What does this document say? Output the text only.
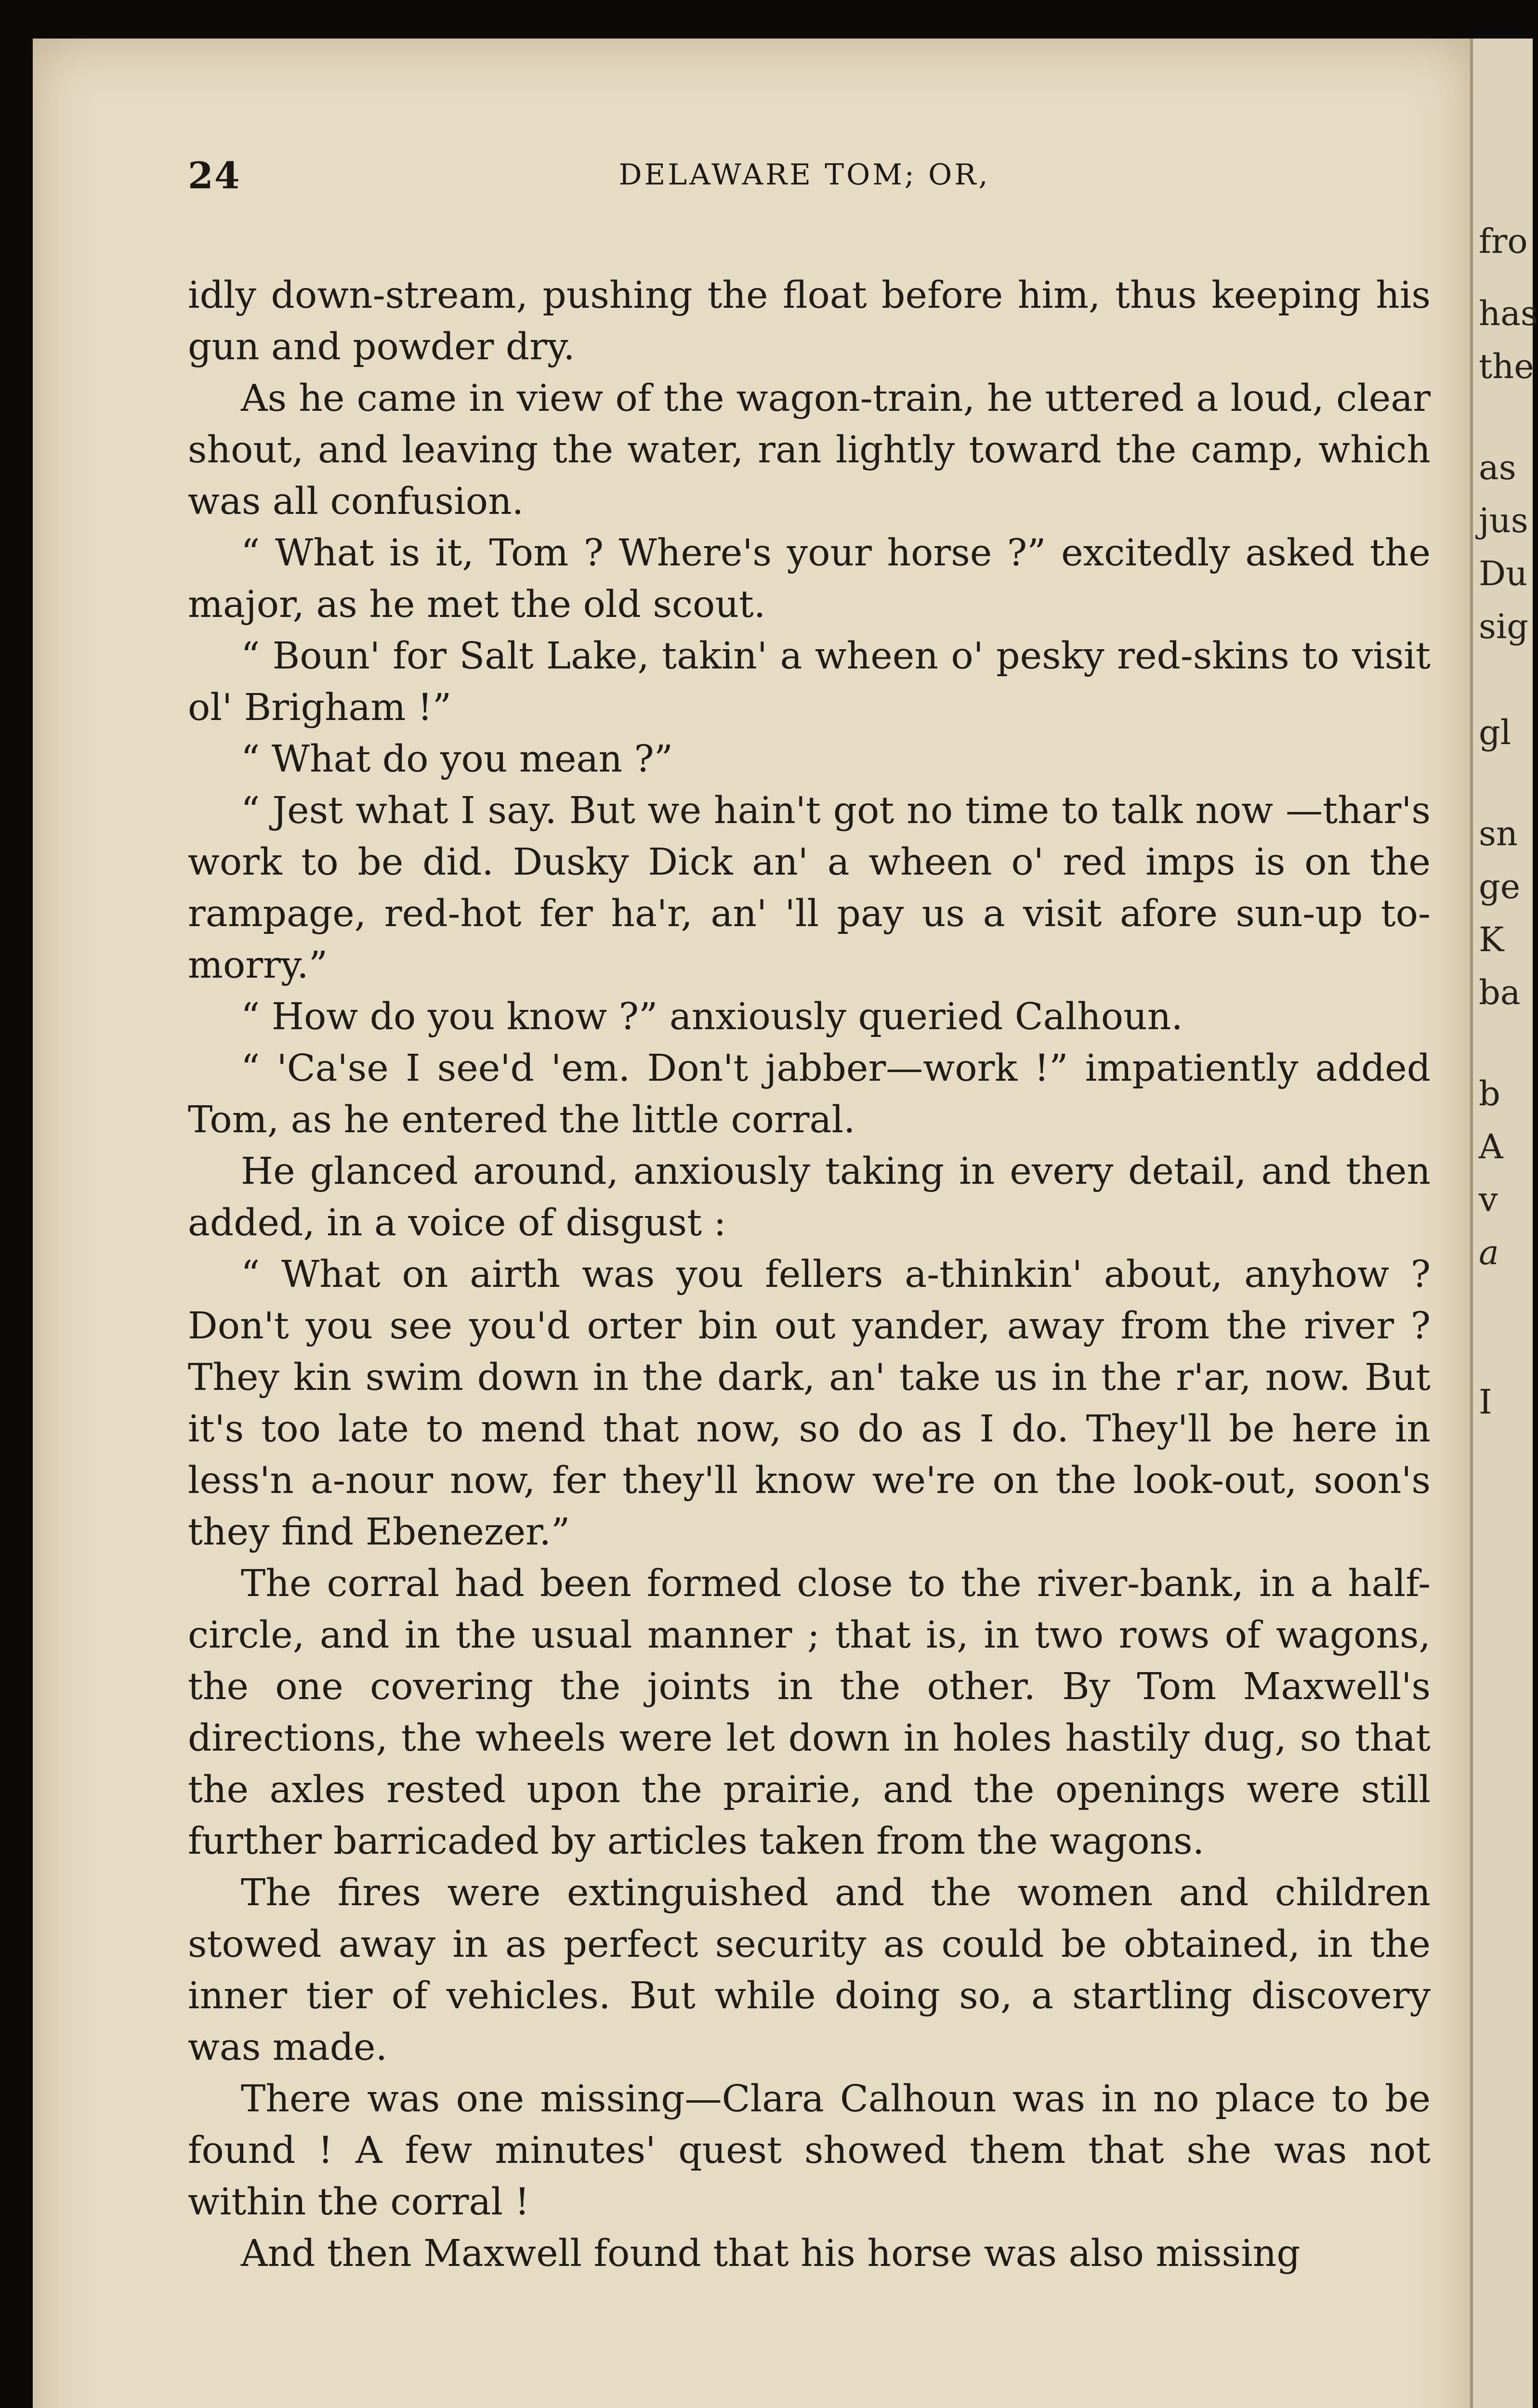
24	DELAWARE TOM; OR,

idly down-stream, pushing the float before him, thus keeping his gun and powder dry.

As he came in view of the wagon-train, he uttered a loud, clear shout, and leaving the water, ran lightly toward the camp, which was all confusion.

“ What is it, Tom ? Where's your horse ?” excitedly asked the major, as he met the old scout.

“ Boun' for Salt Lake, takin' a wheen o' pesky red-skins to visit ol' Brigham !”

“ What do you mean ?”

“ Jest what I say. But we hain't got no time to talk now —thar's work to be did. Dusky Dick an' a wheen o' red imps is on the rampage, red-hot fer ha'r, an' 'll pay us a visit afore sun-up to-morry.”

“ How do you know ?” anxiously queried Calhoun.

“ 'Ca'se I see'd 'em. Don't jabber—work !” impatiently added Tom, as he entered the little corral.

He glanced around, anxiously taking in every detail, and then added, in a voice of disgust :

“ What on airth was you fellers a-thinkin' about, anyhow ? Don't you see you'd orter bin out yander, away from the river ? They kin swim down in the dark, an' take us in the r'ar, now. But it's too late to mend that now, so do as I do. They'll be here in less'n a-nour now, fer they'll know we're on the look-out, soon's they find Ebenezer.”

The corral had been formed close to the river-bank, in a half-circle, and in the usual manner ; that is, in two rows of wagons, the one covering the joints in the other. By Tom Maxwell's directions, the wheels were let down in holes hastily dug, so that the axles rested upon the prairie, and the openings were still further barricaded by articles taken from the wagons.

The fires were extinguished and the women and children stowed away in as perfect security as could be obtained, in the inner tier of vehicles. But while doing so, a startling discovery was made.

There was one missing—Clara Calhoun was in no place to be found ! A few minutes' quest showed them that she was not within the corral !

And then Maxwell found that his horse was also missing

fro
has
the
as
jus
Du
sig
gl
sn
ge
K
ba
b
A
v
a
I
